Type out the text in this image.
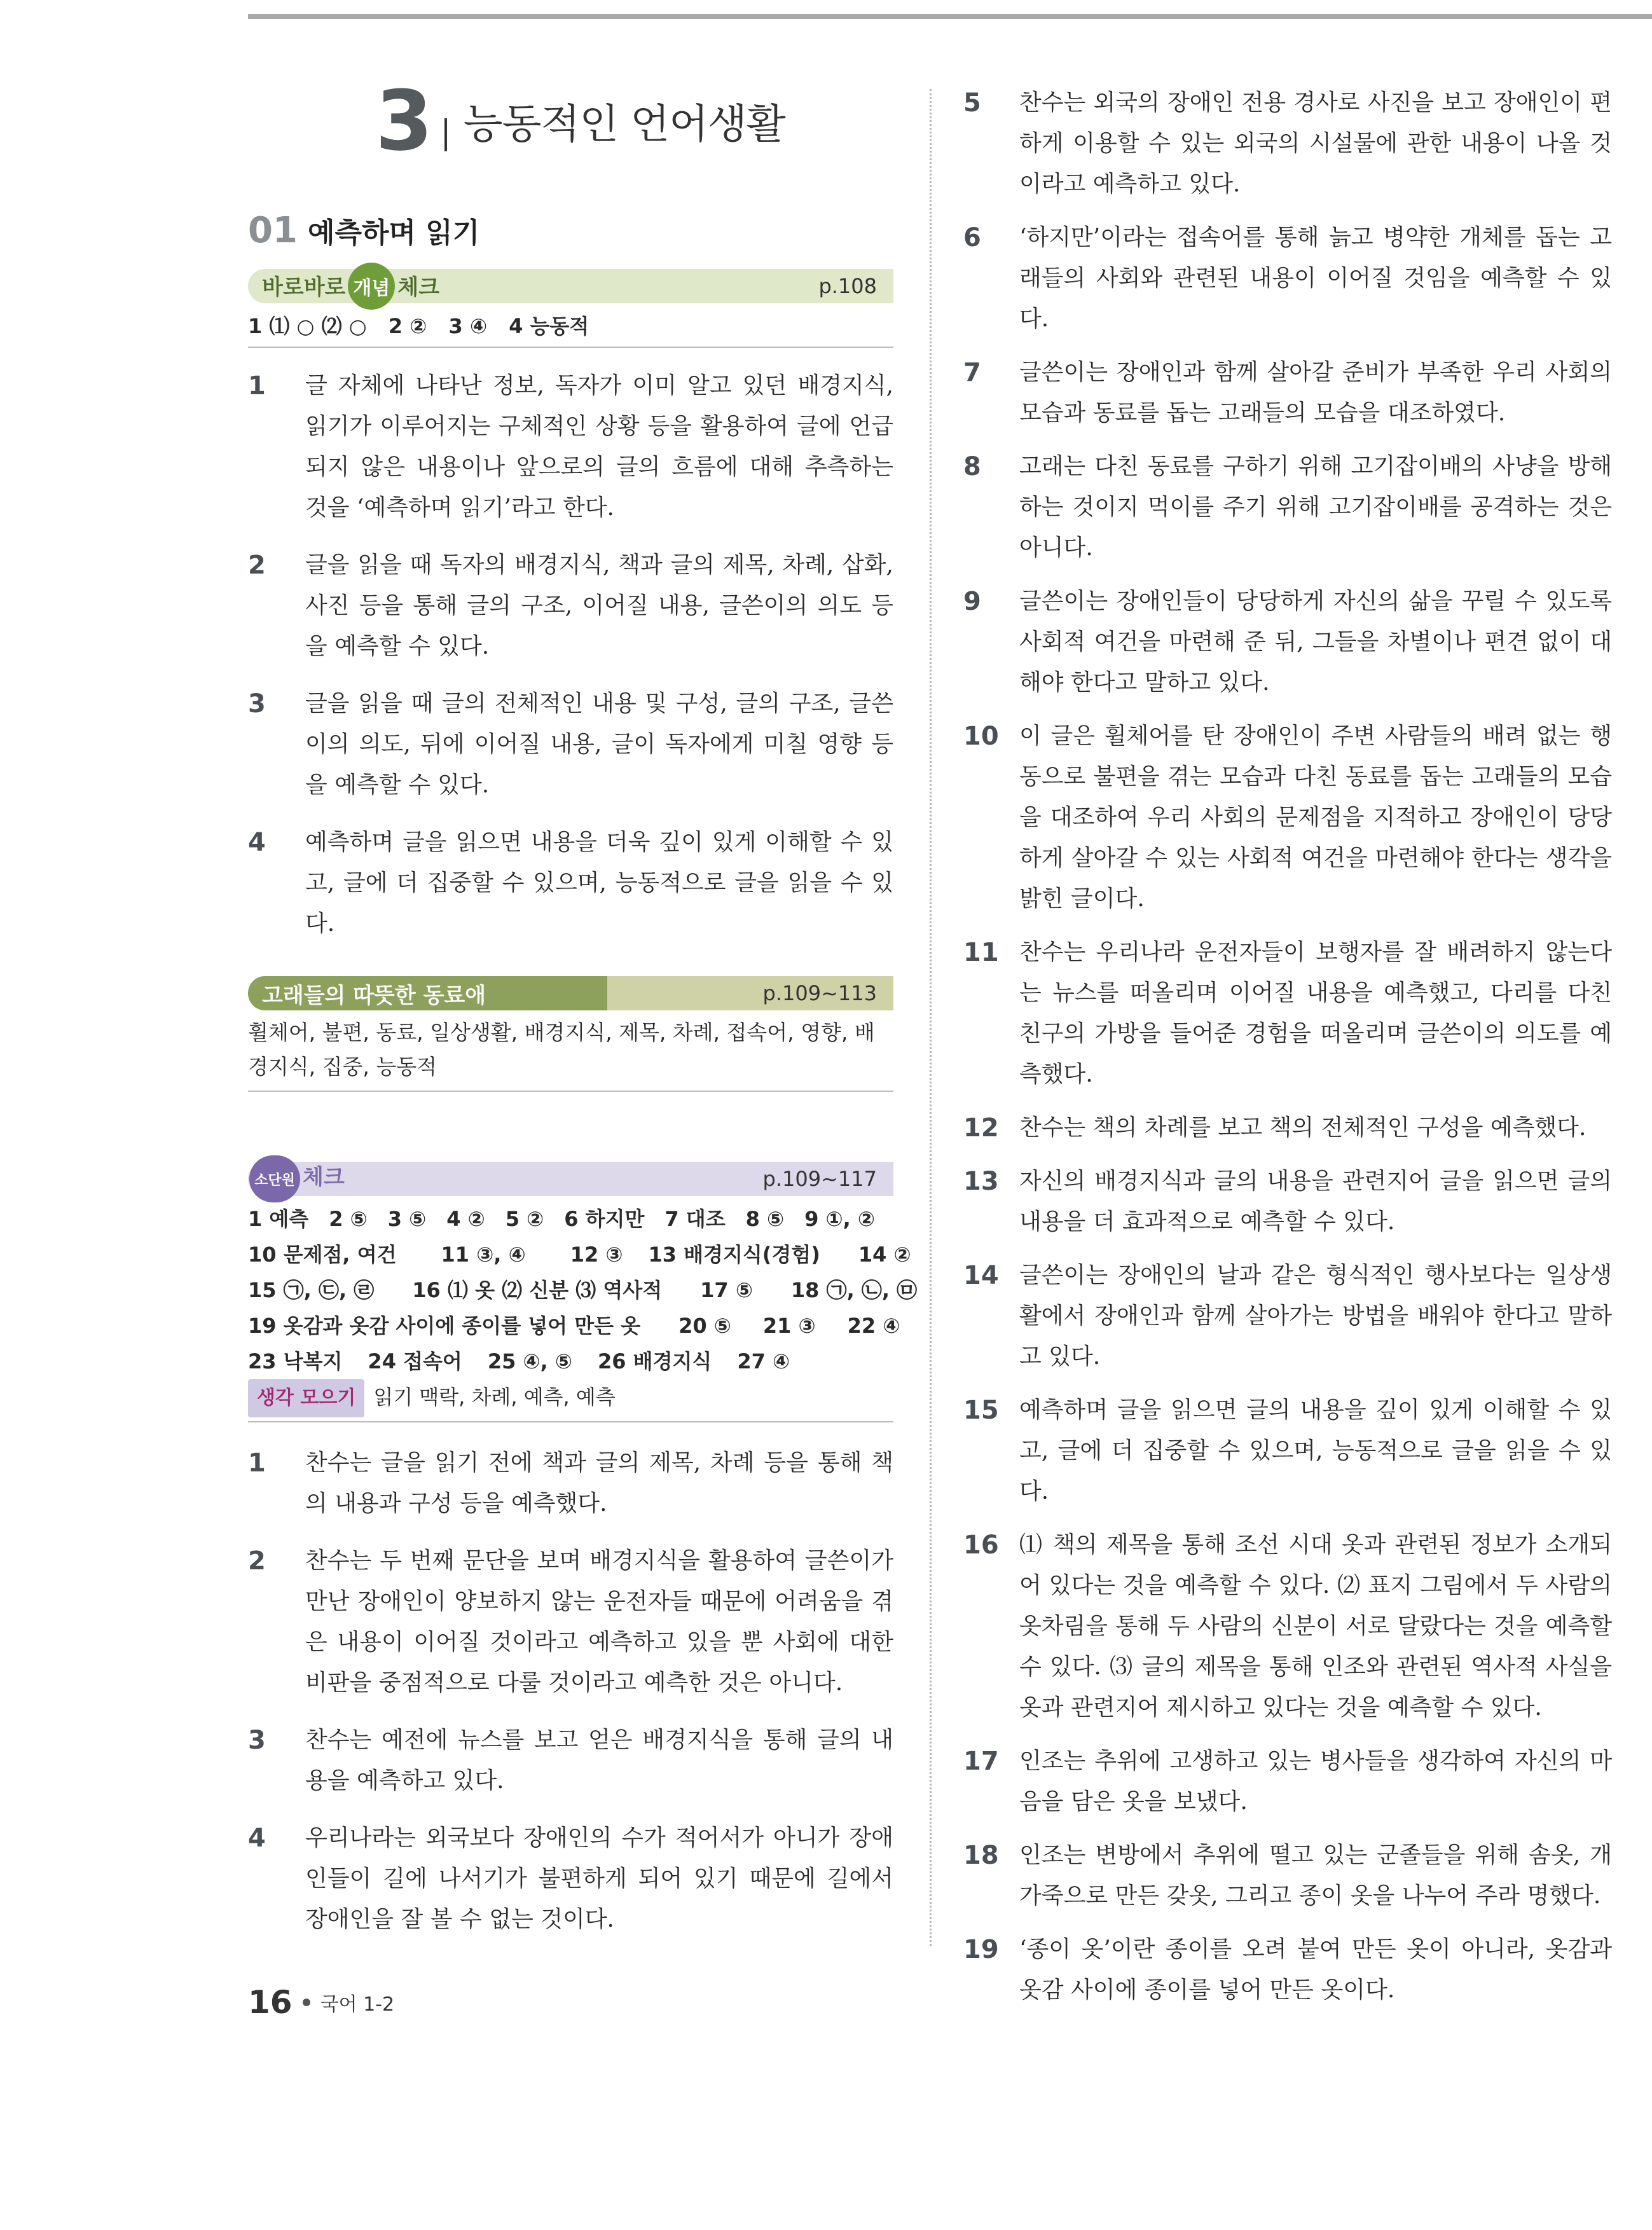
3 능동적인 언어생활
01 예측하며 읽기
바로바로 개념 체크	p.108
1 ⑴ ○ ⑵ ○ 2 ② 3 ④ 4 능동적
1	글 자체에 나타난 정보, 독자가 이미 알고 있던 배경지식, 읽기가 이루어지는 구체적인 상황 등을 활용하여 글에 언급되지 않은 내용이나 앞으로의 글의 흐름에 대해 추측하는 것을 ‘예측하며 읽기’라고 한다.
2	글을 읽을 때 독자의 배경지식, 책과 글의 제목, 차례, 삽화, 사진 등을 통해 글의 구조, 이어질 내용, 글쓴이의 의도 등을 예측할 수 있다.
3	글을 읽을 때 글의 전체적인 내용 및 구성, 글의 구조, 글쓴이의 의도, 뒤에 이어질 내용, 글이 독자에게 미칠 영향 등을 예측할 수 있다.
4	예측하며 글을 읽으면 내용을 더욱 깊이 있게 이해할 수 있고, 글에 더 집중할 수 있으며, 능동적으로 글을 읽을 수 있다.
고래들의 따뜻한 동료애	p.109~113
휠체어, 불편, 동료, 일상생활, 배경지식, 제목, 차례, 접속어, 영향, 배경지식, 집중, 능동적
소단원 체크	p.109~117
1 예측 2 ⑤ 3 ⑤ 4 ② 5 ② 6 하지만 7 대조 8 ⑤ 9 ①, ②
10 문제점, 여건 11 ③, ④ 12 ③ 13 배경지식(경험) 14 ②
15 ㉠, ㉢, ㉣ 16 ⑴ 옷 ⑵ 신분 ⑶ 역사적 17 ⑤ 18 ㉠, ㉡, ㉤
19 옷감과 옷감 사이에 종이를 넣어 만든 옷 20 ⑤ 21 ③ 22 ④
23 낙복지 24 접속어 25 ④, ⑤ 26 배경지식 27 ④
생각 모으기 읽기 맥락, 차례, 예측, 예측
1	찬수는 글을 읽기 전에 책과 글의 제목, 차례 등을 통해 책의 내용과 구성 등을 예측했다.
2	찬수는 두 번째 문단을 보며 배경지식을 활용하여 글쓴이가 만난 장애인이 양보하지 않는 운전자들 때문에 어려움을 겪은 내용이 이어질 것이라고 예측하고 있을 뿐 사회에 대한 비판을 중점적으로 다룰 것이라고 예측한 것은 아니다.
3	찬수는 예전에 뉴스를 보고 얻은 배경지식을 통해 글의 내용을 예측하고 있다.
4	우리나라는 외국보다 장애인의 수가 적어서가 아니가 장애인들이 길에 나서기가 불편하게 되어 있기 때문에 길에서 장애인을 잘 볼 수 없는 것이다.
5	찬수는 외국의 장애인 전용 경사로 사진을 보고 장애인이 편하게 이용할 수 있는 외국의 시설물에 관한 내용이 나올 것이라고 예측하고 있다.
6	‘하지만’이라는 접속어를 통해 늙고 병약한 개체를 돕는 고래들의 사회와 관련된 내용이 이어질 것임을 예측할 수 있다.
7	글쓴이는 장애인과 함께 살아갈 준비가 부족한 우리 사회의 모습과 동료를 돕는 고래들의 모습을 대조하였다.
8	고래는 다친 동료를 구하기 위해 고기잡이배의 사냥을 방해하는 것이지 먹이를 주기 위해 고기잡이배를 공격하는 것은 아니다.
9	글쓴이는 장애인들이 당당하게 자신의 삶을 꾸릴 수 있도록 사회적 여건을 마련해 준 뒤, 그들을 차별이나 편견 없이 대해야 한다고 말하고 있다.
10 이 글은 휠체어를 탄 장애인이 주변 사람들의 배려 없는 행동으로 불편을 겪는 모습과 다친 동료를 돕는 고래들의 모습을 대조하여 우리 사회의 문제점을 지적하고 장애인이 당당하게 살아갈 수 있는 사회적 여건을 마련해야 한다는 생각을 밝힌 글이다.
11 찬수는 우리나라 운전자들이 보행자를 잘 배려하지 않는다는 뉴스를 떠올리며 이어질 내용을 예측했고, 다리를 다친 친구의 가방을 들어준 경험을 떠올리며 글쓴이의 의도를 예측했다.
12 찬수는 책의 차례를 보고 책의 전체적인 구성을 예측했다.
13 자신의 배경지식과 글의 내용을 관련지어 글을 읽으면 글의 내용을 더 효과적으로 예측할 수 있다.
14 글쓴이는 장애인의 날과 같은 형식적인 행사보다는 일상생활에서 장애인과 함께 살아가는 방법을 배워야 한다고 말하고 있다.
15 예측하며 글을 읽으면 글의 내용을 깊이 있게 이해할 수 있고, 글에 더 집중할 수 있으며, 능동적으로 글을 읽을 수 있다.
16 ⑴ 책의 제목을 통해 조선 시대 옷과 관련된 정보가 소개되어 있다는 것을 예측할 수 있다. ⑵ 표지 그림에서 두 사람의 옷차림을 통해 두 사람의 신분이 서로 달랐다는 것을 예측할 수 있다. ⑶ 글의 제목을 통해 인조와 관련된 역사적 사실을 옷과 관련지어 제시하고 있다는 것을 예측할 수 있다.
17 인조는 추위에 고생하고 있는 병사들을 생각하여 자신의 마음을 담은 옷을 보냈다.
18 인조는 변방에서 추위에 떨고 있는 군졸들을 위해 솜옷, 개가죽으로 만든 갖옷, 그리고 종이 옷을 나누어 주라 명했다.
19 ‘종이 옷’이란 종이를 오려 붙여 만든 옷이 아니라, 옷감과 옷감 사이에 종이를 넣어 만든 옷이다.
16 국어 1-2
